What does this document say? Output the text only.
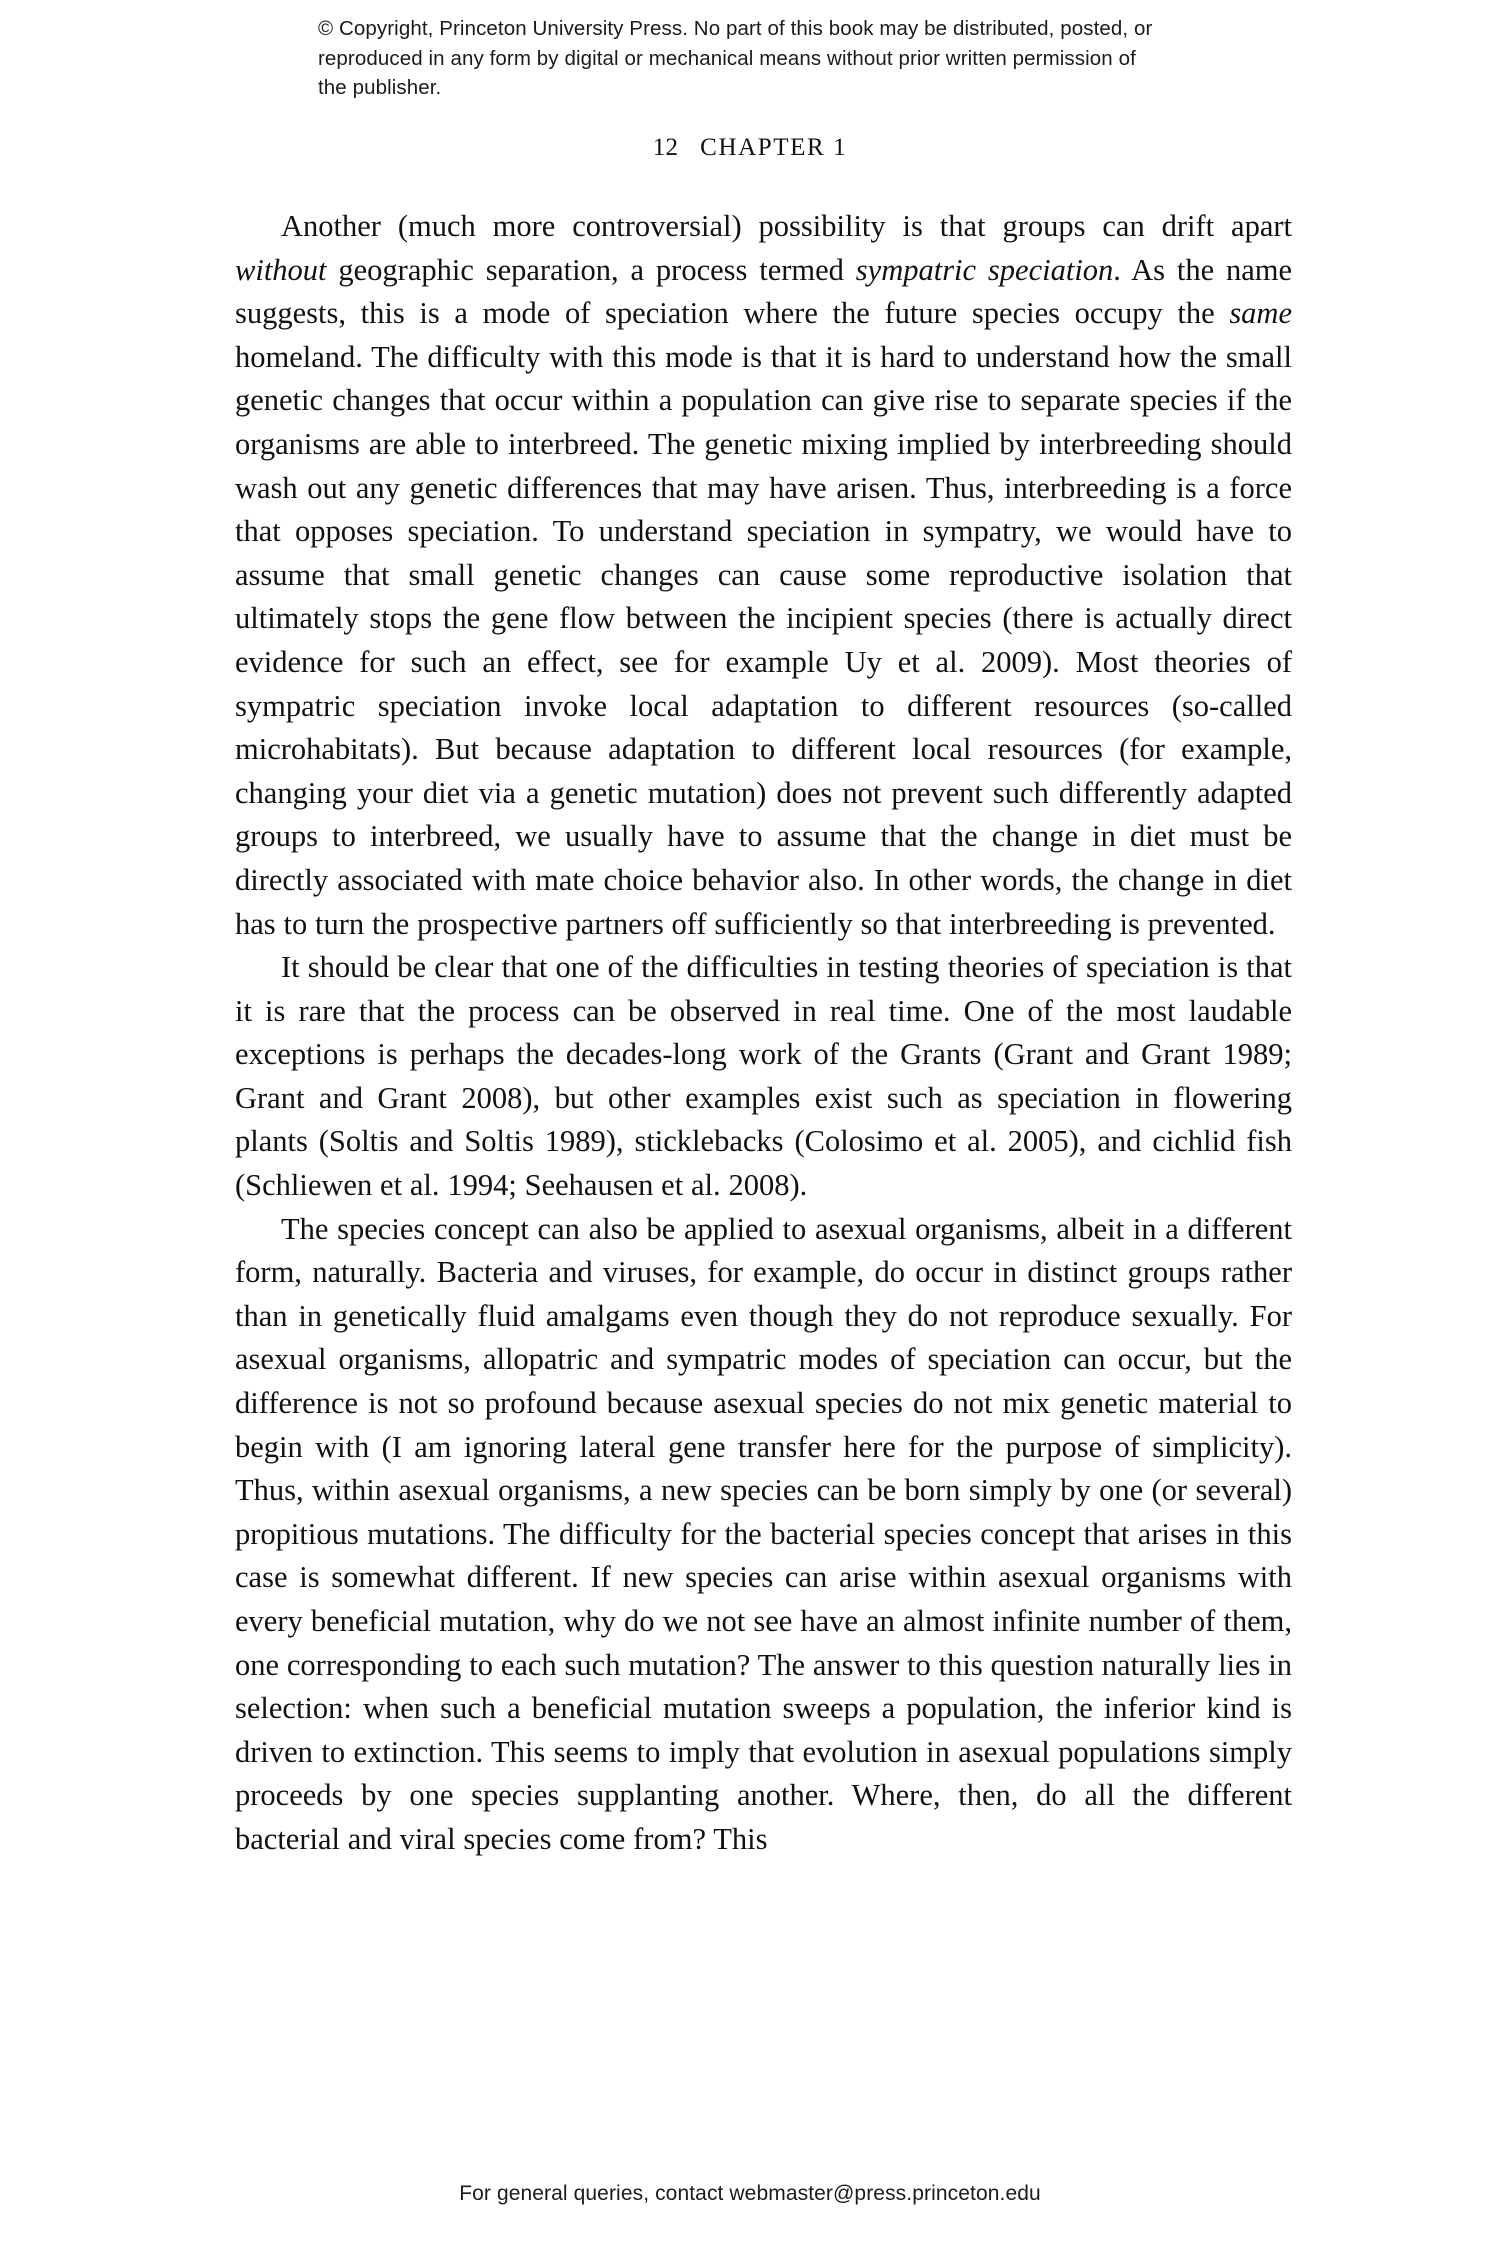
© Copyright, Princeton University Press. No part of this book may be distributed, posted, or reproduced in any form by digital or mechanical means without prior written permission of the publisher.
12 CHAPTER 1

Another (much more controversial) possibility is that groups can drift apart without geographic separation, a process termed sympatric speciation. As the name suggests, this is a mode of speciation where the future species occupy the same homeland. The difficulty with this mode is that it is hard to understand how the small genetic changes that occur within a population can give rise to separate species if the organisms are able to interbreed. The genetic mixing implied by interbreeding should wash out any genetic differences that may have arisen. Thus, interbreeding is a force that opposes speciation. To understand speciation in sympatry, we would have to assume that small genetic changes can cause some reproductive isolation that ultimately stops the gene flow between the incipient species (there is actually direct evidence for such an effect, see for example Uy et al. 2009). Most theories of sympatric speciation invoke local adaptation to different resources (so-called microhabitats). But because adaptation to different local resources (for example, changing your diet via a genetic mutation) does not prevent such differently adapted groups to interbreed, we usually have to assume that the change in diet must be directly associated with mate choice behavior also. In other words, the change in diet has to turn the prospective partners off sufficiently so that interbreeding is prevented.

It should be clear that one of the difficulties in testing theories of speciation is that it is rare that the process can be observed in real time. One of the most laudable exceptions is perhaps the decades-long work of the Grants (Grant and Grant 1989; Grant and Grant 2008), but other examples exist such as speciation in flowering plants (Soltis and Soltis 1989), sticklebacks (Colosimo et al. 2005), and cichlid fish (Schliewen et al. 1994; Seehausen et al. 2008).

The species concept can also be applied to asexual organisms, albeit in a different form, naturally. Bacteria and viruses, for example, do occur in distinct groups rather than in genetically fluid amalgams even though they do not reproduce sexually. For asexual organisms, allopatric and sympatric modes of speciation can occur, but the difference is not so profound because asexual species do not mix genetic material to begin with (I am ignoring lateral gene transfer here for the purpose of simplicity). Thus, within asexual organisms, a new species can be born simply by one (or several) propitious mutations. The difficulty for the bacterial species concept that arises in this case is somewhat different. If new species can arise within asexual organisms with every beneficial mutation, why do we not see have an almost infinite number of them, one corresponding to each such mutation? The answer to this question naturally lies in selection: when such a beneficial mutation sweeps a population, the inferior kind is driven to extinction. This seems to imply that evolution in asexual populations simply proceeds by one species supplanting another. Where, then, do all the different bacterial and viral species come from? This

For general queries, contact webmaster@press.princeton.edu
